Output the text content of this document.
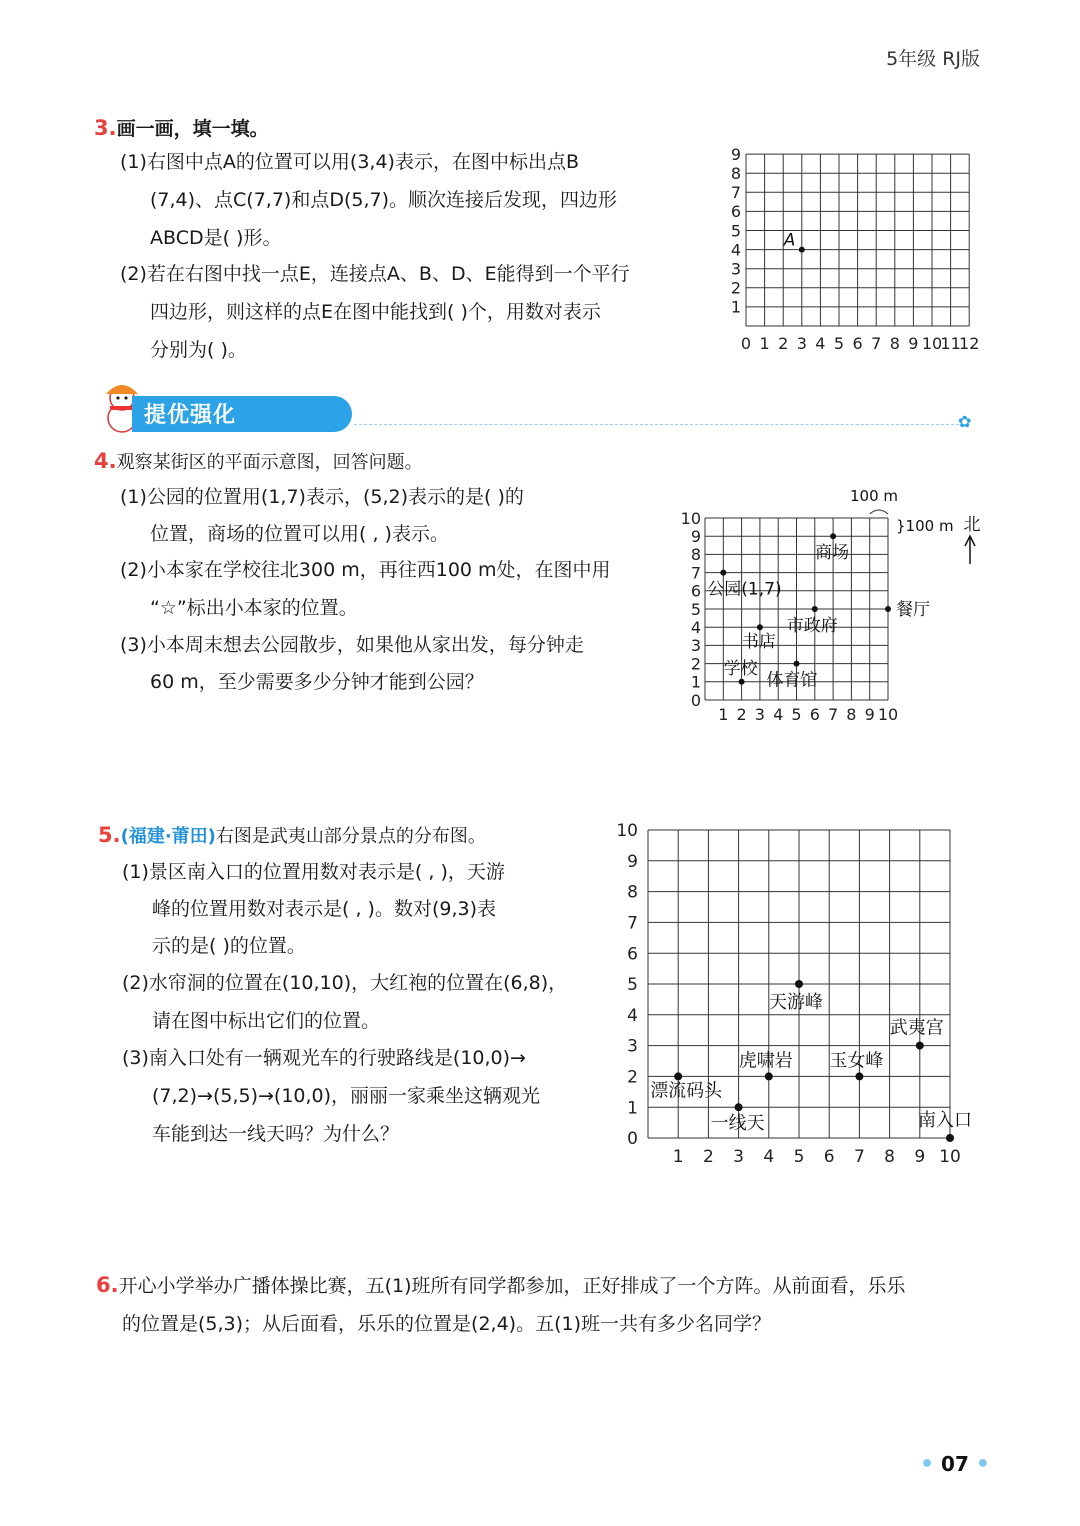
5年级 RJ版
3.画一画，填一填。
(1)右图中点A的位置可以用(3,4)表示，在图中标出点B
(7,4)、点C(7,7)和点D(5,7)。顺次连接后发现，四边形
ABCD是( )形。
(2)若在右图中找一点E，连接点A、B、D、E能得到一个平行
四边形，则这样的点E在图中能找到( )个，用数对表示
分别为( )。	0 1 2 3 4 5 6 7 8 9 10
11
12
1
2
3
4
5
6
7
8
9
A
提优强化	✿
4.观察某街区的平面示意图，回答问题。
(1)公园的位置用(1,7)表示，(5,2)表示的是( )的
位置，商场的位置可以用( , )表示。
(2)小本家在学校往北300 m，再往西100 m处，在图中用
“☆”标出小本家的位置。
(3)小本周末想去公园散步，如果他从家出发，每分钟走
60 m，至少需要多少分钟才能到公园？
1 2 3 4 5 6 7 8 9 10
0
1
2
3
4
5
6
7
8
9
10
公园(1,7)
商场
市政府
餐厅
书店
体育馆
学校
100 m
}100 m 北
5.(福建·莆田)右图是武夷山部分景点的分布图。
(1)景区南入口的位置用数对表示是( , )，天游
峰的位置用数对表示是( , )。数对(9,3)表
示的是( )的位置。
(2)水帘洞的位置在(10,10)，大红袍的位置在(6,8)，
请在图中标出它们的位置。
(3)南入口处有一辆观光车的行驶路线是(10,0)→
(7,2)→(5,5)→(10,0)，丽丽一家乘坐这辆观光
车能到达一线天吗？为什么？
1 2 3 4 5 6 7 8 9 10
0
1
2
3
4
5
6
7
8
9
10
天游峰
武夷宫
虎啸岩 玉女峰
漂流码头
一线天	南入口
6.开心小学举办广播体操比赛，五(1)班所有同学都参加，正好排成了一个方阵。从前面看，乐乐
的位置是(5,3)；从后面看，乐乐的位置是(2,4)。五(1)班一共有多少名同学？
• 07 •
